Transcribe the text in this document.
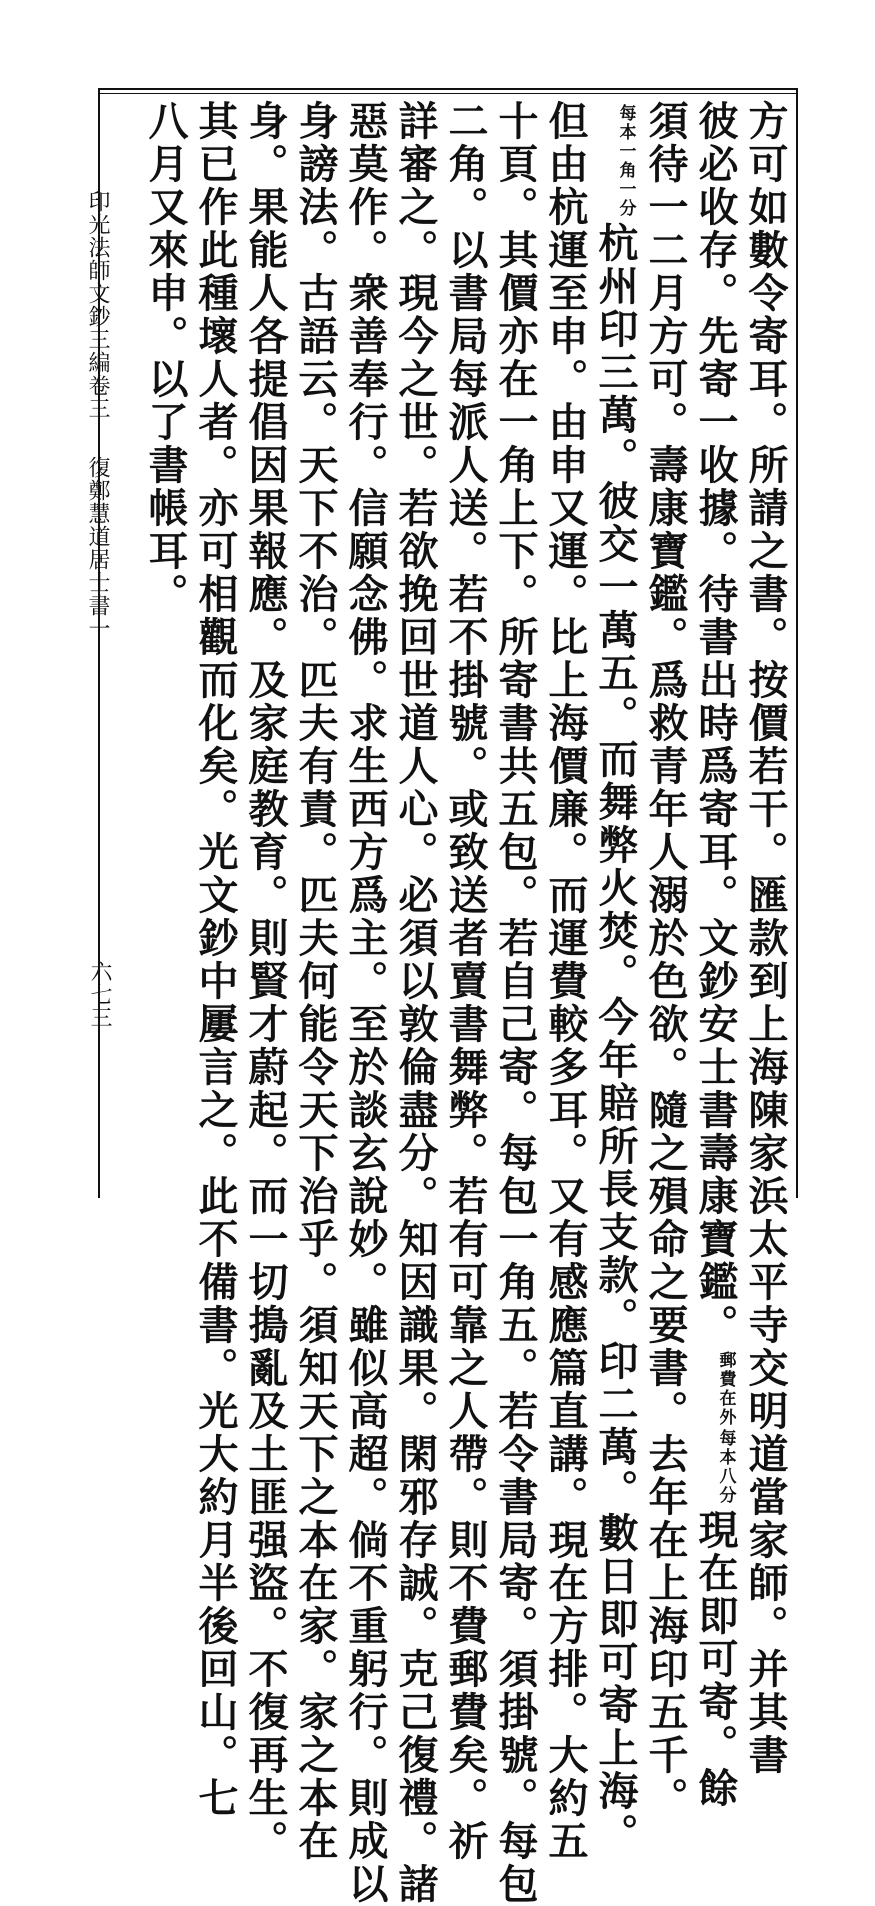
印光法師文鈔三編卷三復鄭慧道居士書一
六七三	方可如數令寄耳。所請之書。按價若干。匯款到上海陳家浜太平寺交明道當家師。并其書
彼必收存。先寄一收據。待書出時爲寄耳。文鈔安士書壽康寶鑑。
每本八分
郵費在外
現在即可寄。餘
須待一二月方可。壽康寶鑑。爲救青年人溺於色欲。隨之殞命之要書。去年在上海印五千。
每本一角一分
杭州印三萬。彼交一萬五。而舞弊火焚。今年賠所長支款。印二萬。數日即可寄上海。
但由杭運至申。由申又運。比上海價廉。而運費較多耳。又有感應篇直講。現在方排。大約五
十頁。其價亦在一角上下。所寄書共五包。若自己寄。每包一角五。若令書局寄。須掛號。每包
二角。以書局每派人送。若不掛號。或致送者賣書舞弊。若有可靠之人帶。則不費郵費矣。祈
詳審之。現今之世。若欲挽回世道人心。必須以敦倫盡分。知因識果。閑邪存誠。克己復禮。諸
惡莫作。衆善奉行。信願念佛。求生西方爲主。至於談玄說妙。雖似高超。倘不重躬行。則成以
身謗法。古語云。天下不治。匹夫有責。匹夫何能令天下治乎。須知天下之本在家。家之本在
身。果能人各提倡因果報應。及家庭教育。則賢才蔚起。而一切搗亂及土匪强盜。不復再生。
其已作此種壞人者。亦可相觀而化矣。光文鈔中屢言之。此不備書。光大約月半後回山。七
八月又來申。以了書帳耳。
